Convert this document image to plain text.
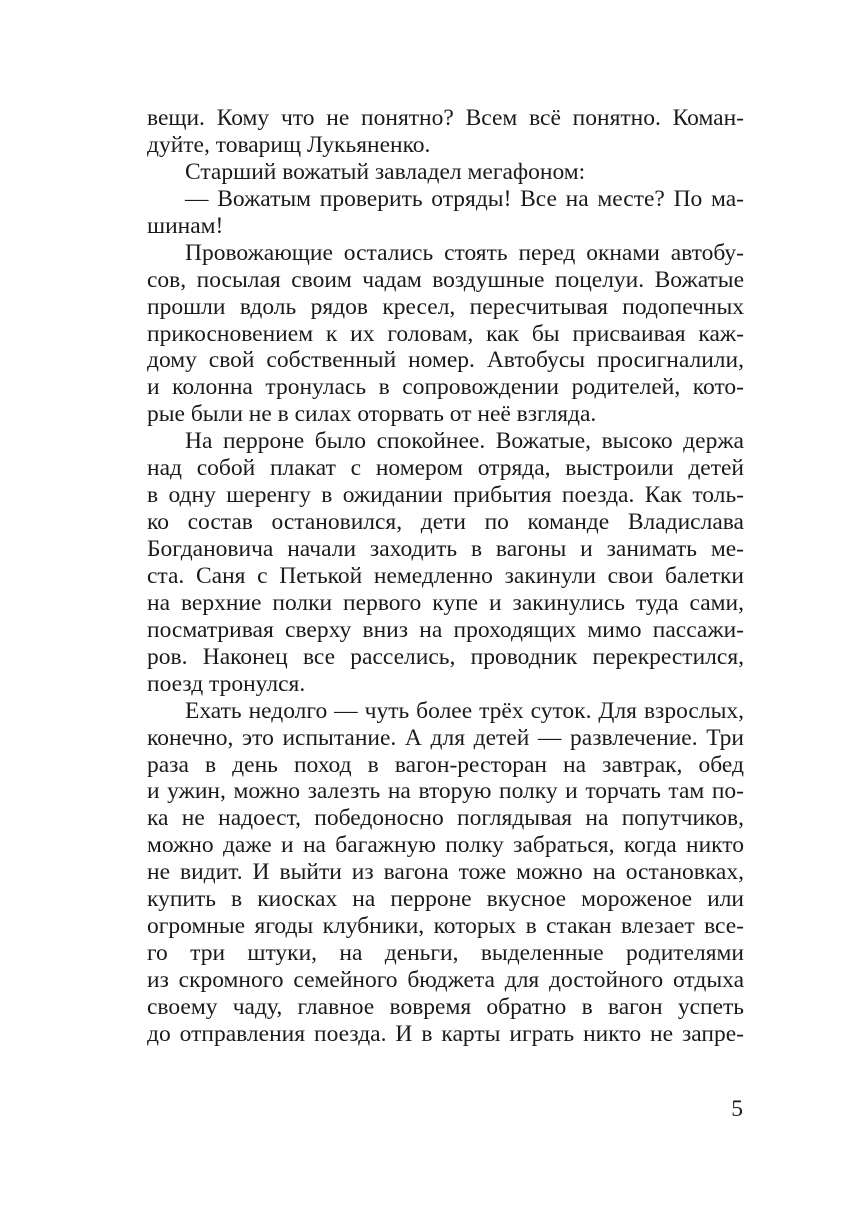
вещи. Кому что не понятно? Всем всё понятно. Коман-
дуйте, товарищ Лукьяненко.
Старший вожатый завладел мегафоном:
— Вожатым проверить отряды! Все на месте? По ма-
шинам!
Провожающие остались стоять перед окнами автобу-
сов, посылая своим чадам воздушные поцелуи. Вожатые
прошли вдоль рядов кресел, пересчитывая подопечных
прикосновением к их головам, как бы присваивая каж-
дому свой собственный номер. Автобусы просигналили,
и колонна тронулась в сопровождении родителей, кото-
рые были не в силах оторвать от неё взгляда.
На перроне было спокойнее. Вожатые, высоко держа
над собой плакат с номером отряда, выстроили детей
в одну шеренгу в ожидании прибытия поезда. Как толь-
ко состав остановился, дети по команде Владислава
Богдановича начали заходить в вагоны и занимать ме-
ста. Саня с Петькой немедленно закинули свои балетки
на верхние полки первого купе и закинулись туда сами,
посматривая сверху вниз на проходящих мимо пассажи-
ров. Наконец все расселись, проводник перекрестился,
поезд тронулся.
Ехать недолго — чуть более трёх суток. Для взрослых,
конечно, это испытание. А для детей — развлечение. Три
раза в день поход в вагон-ресторан на завтрак, обед
и ужин, можно залезть на вторую полку и торчать там по-
ка не надоест, победоносно поглядывая на попутчиков,
можно даже и на багажную полку забраться, когда никто
не видит. И выйти из вагона тоже можно на остановках,
купить в киосках на перроне вкусное мороженое или
огромные ягоды клубники, которых в стакан влезает все-
го три штуки, на деньги, выделенные родителями
из скромного семейного бюджета для достойного отдыха
своему чаду, главное вовремя обратно в вагон успеть
до отправления поезда. И в карты играть никто не запре-
5
